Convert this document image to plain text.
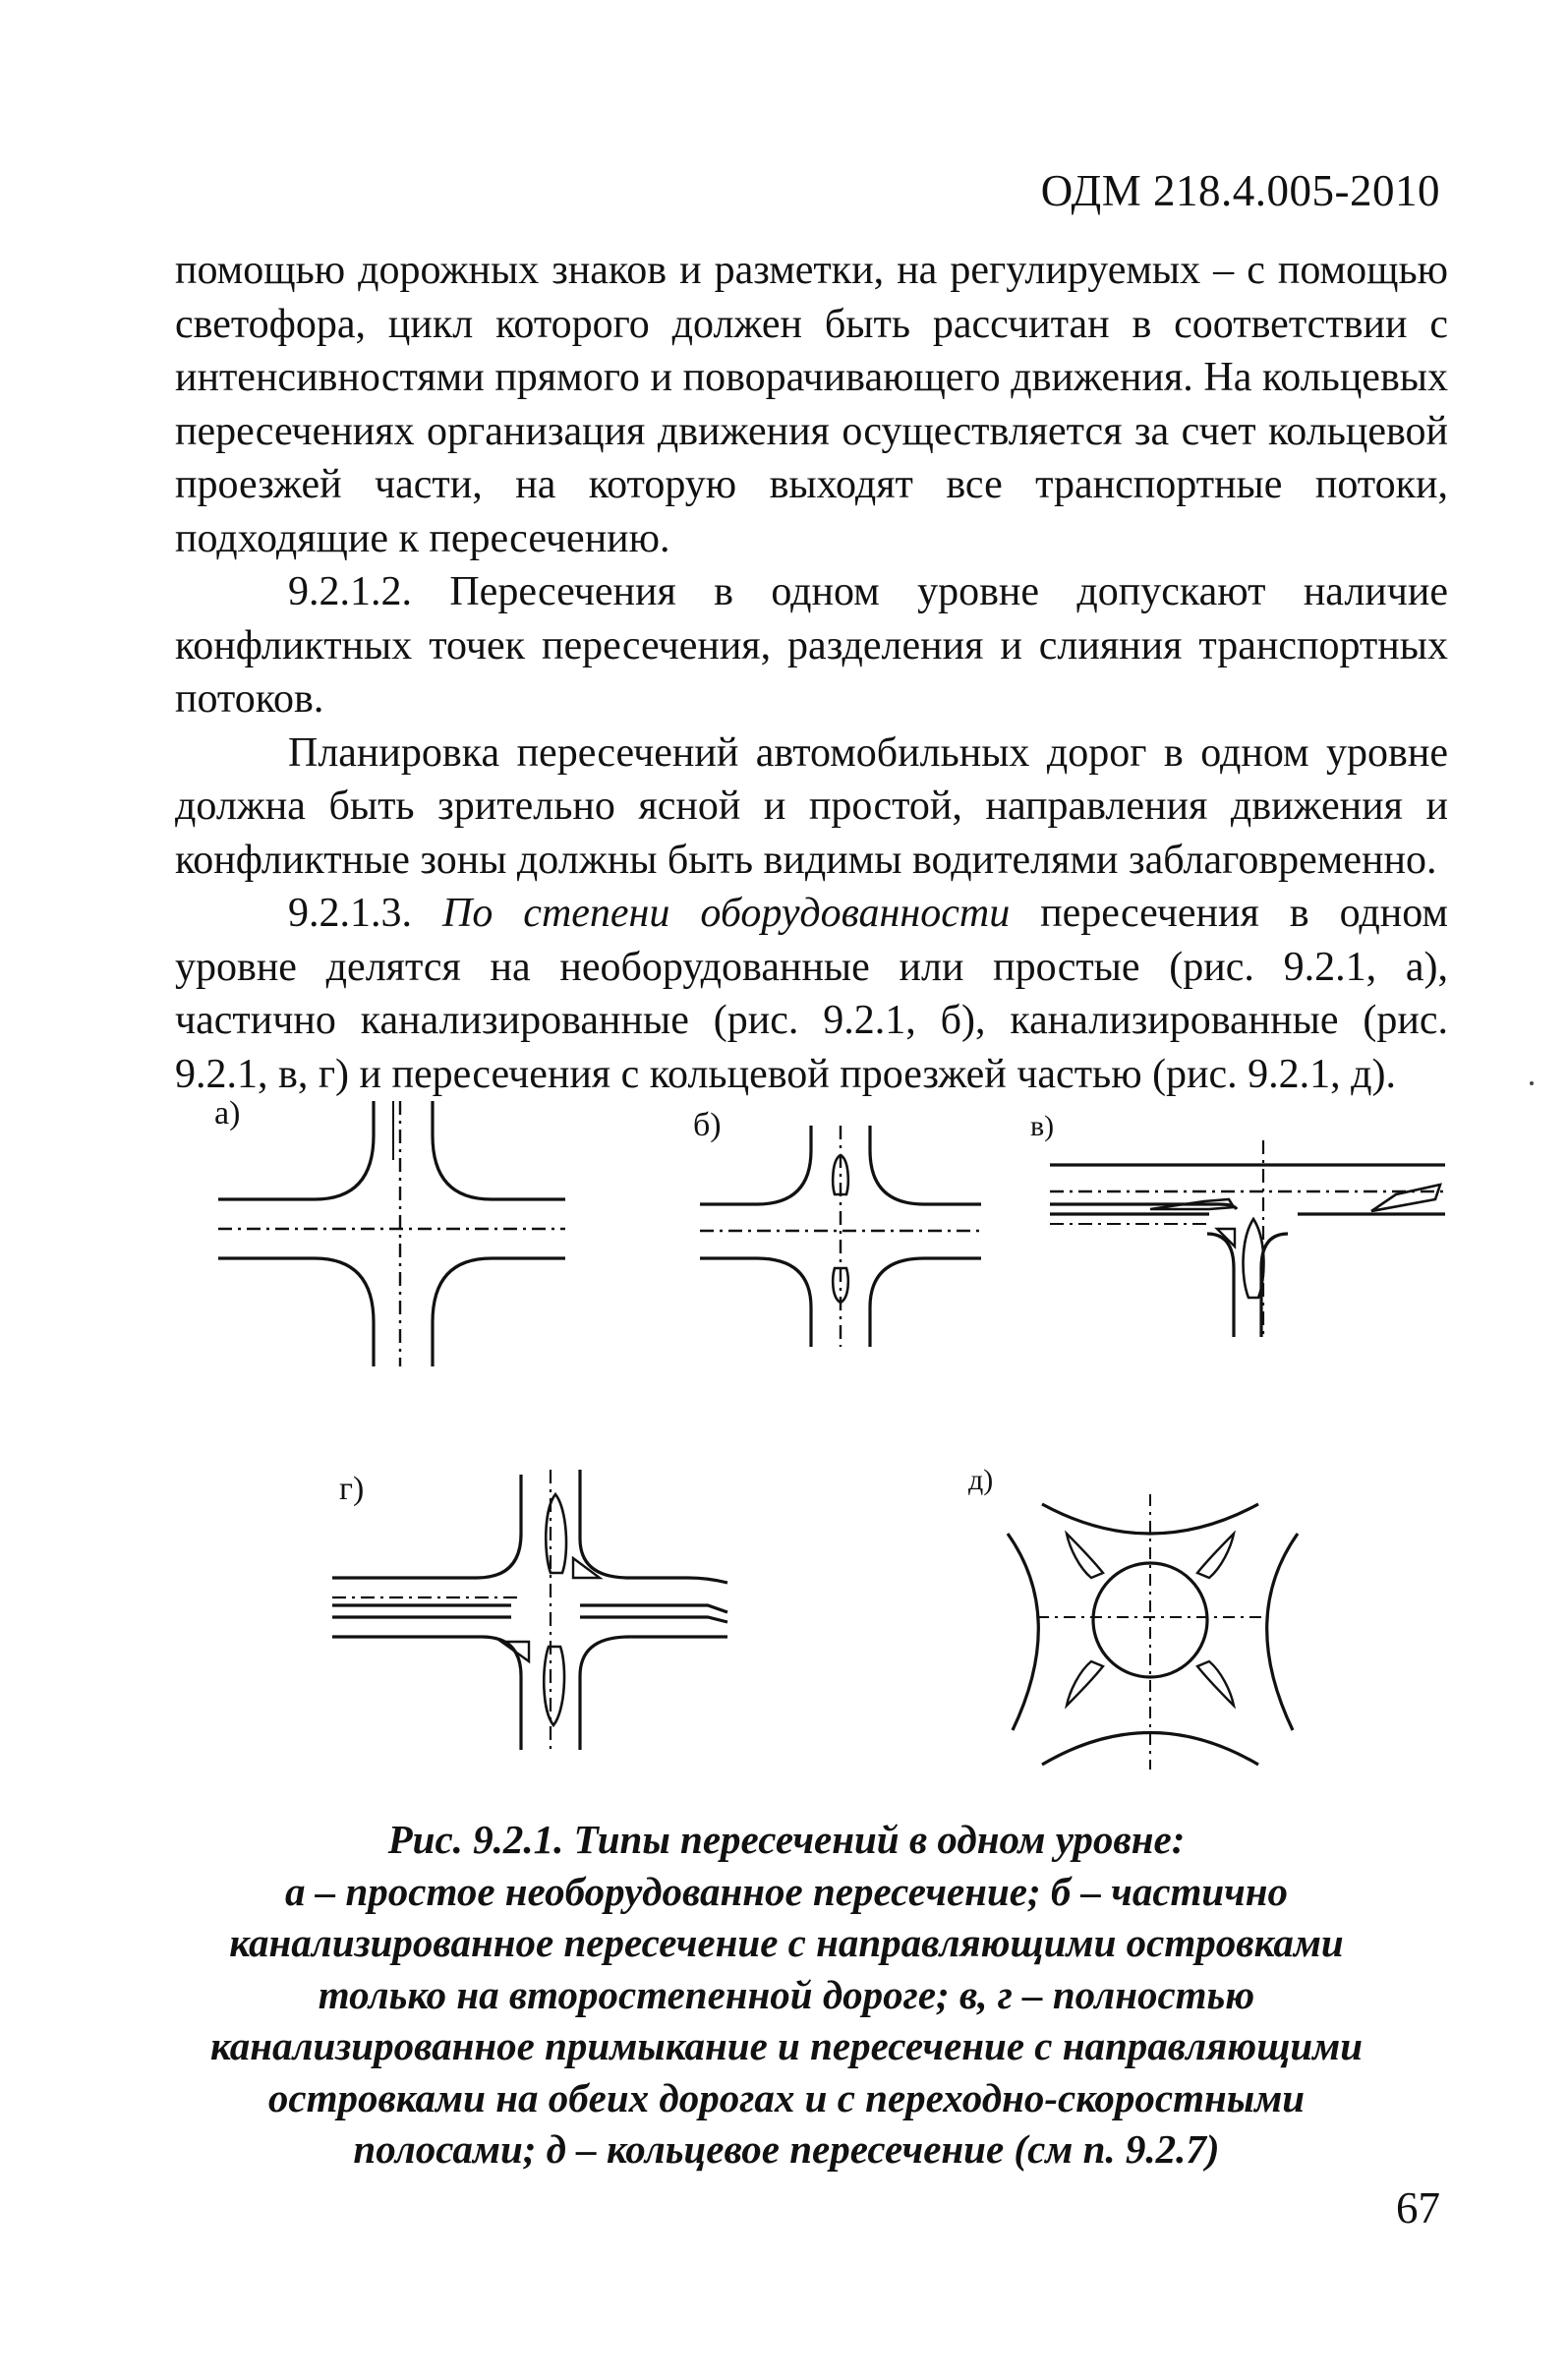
ОДМ 218.4.005-2010

помощью дорожных знаков и разметки, на регулируемых – с помощью светофора, цикл которого должен быть рассчитан в соответствии с интенсивностями прямого и поворачивающего движения. На кольцевых пересечениях организация движения осуществляется за счет кольцевой проезжей части, на которую выходят все транспортные потоки, подходящие к пересечению.

9.2.1.2. Пересечения в одном уровне допускают наличие конфликтных точек пересечения, разделения и слияния транспортных потоков.

Планировка пересечений автомобильных дорог в одном уровне должна быть зрительно ясной и простой, направления движения и конфликтные зоны должны быть видимы водителями заблаговременно.

9.2.1.3. По степени оборудованности пересечения в одном уровне делятся на необорудованные или простые (рис. 9.2.1, а), частично канализированные (рис. 9.2.1, б), канализированные (рис. 9.2.1, в, г) и пересечения с кольцевой проезжей частью (рис. 9.2.1, д).

а)	б)	в)
г)	д)
Рис. 9.2.1. Типы пересечений в одном уровне:
а – простое необорудованное пересечение; б – частично
канализированное пересечение с направляющими островками
только на второстепенной дороге; в, г – полностью
канализированное примыкание и пересечение с направляющими
островками на обеих дорогах и с переходно-скоростными
полосами; д – кольцевое пересечение (см п. 9.2.7)
67
